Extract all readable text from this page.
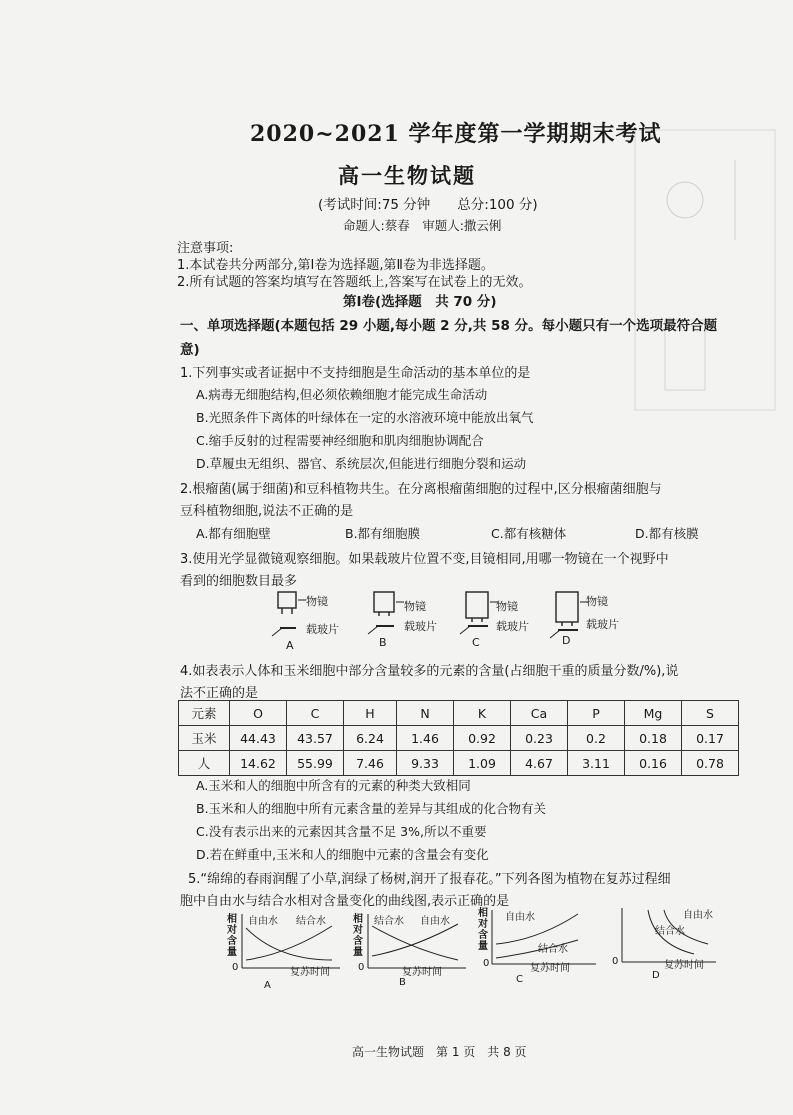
2020~2021 学年度第一学期期末考试
高一生物试题
(考试时间:75 分钟　　总分:100 分)
命题人:蔡春　审题人:撒云俐
注意事项:
1.本试卷共分两部分,第Ⅰ卷为选择题,第Ⅱ卷为非选择题。
2.所有试题的答案均填写在答题纸上,答案写在试卷上的无效。
第Ⅰ卷(选择题　共 70 分)
一、单项选择题(本题包括 29 小题,每小题 2 分,共 58 分。每小题只有一个选项最符合题意)
1.下列事实或者证据中不支持细胞是生命活动的基本单位的是
A.病毒无细胞结构,但必须依赖细胞才能完成生命活动
B.光照条件下离体的叶绿体在一定的水溶液环境中能放出氧气
C.缩手反射的过程需要神经细胞和肌肉细胞协调配合
D.草履虫无组织、器官、系统层次,但能进行细胞分裂和运动
2.根瘤菌(属于细菌)和豆科植物共生。在分离根瘤菌细胞的过程中,区分根瘤菌细胞与
豆科植物细胞,说法不正确的是
A.都有细胞壁	B.都有细胞膜	C.都有核糖体	D.都有核膜
3.使用光学显微镜观察细胞。如果载玻片位置不变,目镜相同,用哪一物镜在一个视野中
看到的细胞数目最多
物镜
载玻片
A
物镜
载玻片
B
物镜
载玻片
C
物镜
载玻片
D
4.如表表示人体和玉米细胞中部分含量较多的元素的含量(占细胞干重的质量分数/%),说
法不正确的是
元素	O	C	H	N	K	Ca	P	Mg	S
玉米	44.43	43.57	6.24	1.46	0.92	0.23	0.2	0.18	0.17
人	14.62	55.99	7.46	9.33	1.09	4.67	3.11	0.16	0.78
A.玉米和人的细胞中所含有的元素的种类大致相同
B.玉米和人的细胞中所有元素含量的差异与其组成的化合物有关
C.没有表示出来的元素因其含量不足 3%,所以不重要
D.若在鲜重中,玉米和人的细胞中元素的含量会有变化
5.“绵绵的春雨润醒了小草,润绿了杨树,润开了报春花。”下列各图为植物在复苏过程细
胞中自由水与结合水相对含量变化的曲线图,表示正确的是
相对含量
自由水 结合水
0	复苏时间
A
相对含量
结合水 自由水
0	复苏时间
B
相对含量
自由水
结合水
0	复苏时间
C
结合水
自由水
0	复苏时间
D
高一生物试题　第 1 页　共 8 页
